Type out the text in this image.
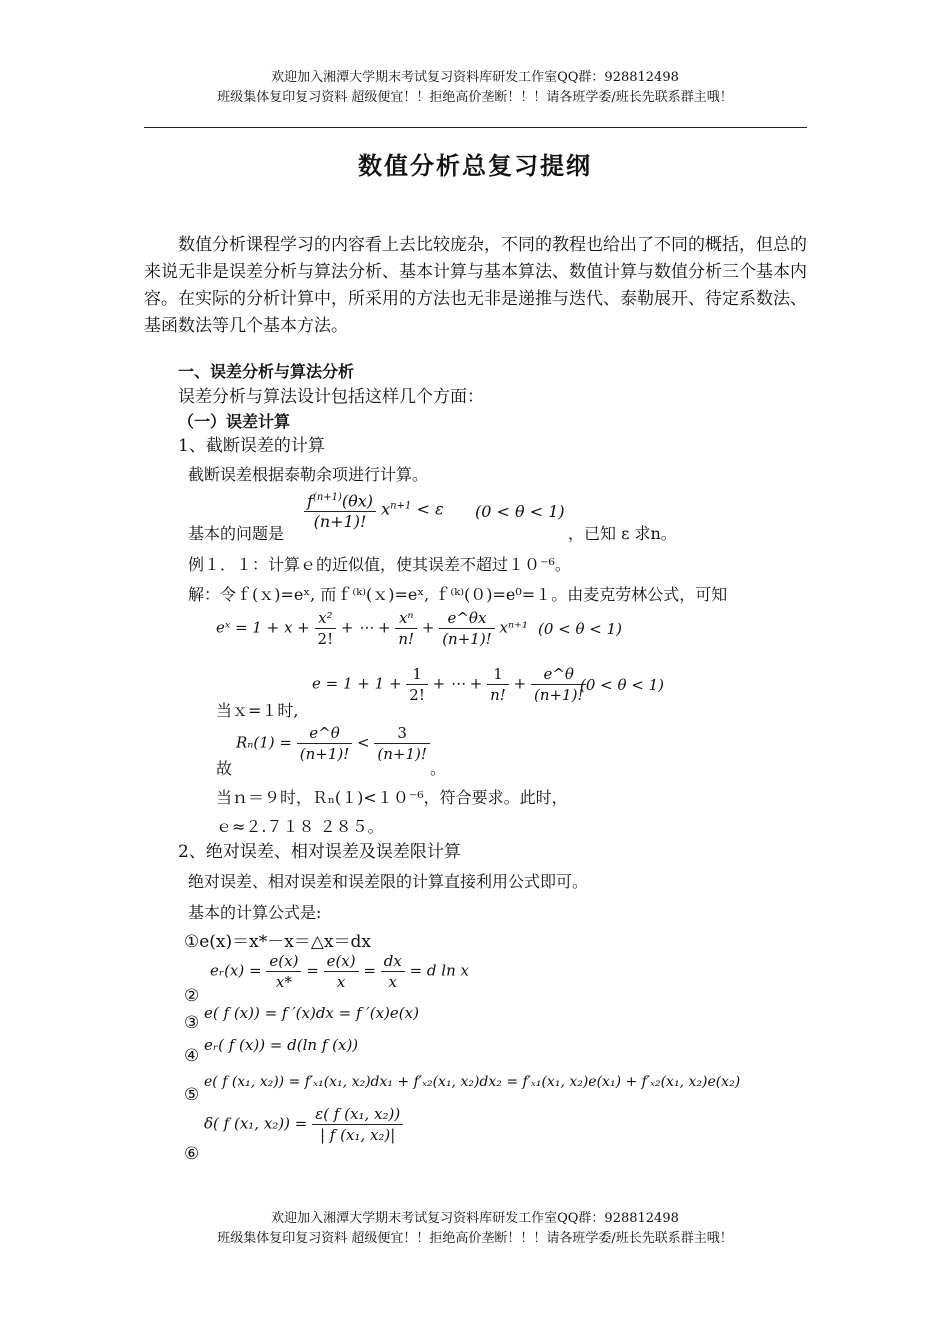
欢迎加入湘潭大学期末考试复习资料库研发工作室QQ群：928812498
班级集体复印复习资料 超级便宜！！拒绝高价垄断！！！请各班学委/班长先联系群主哦！
数值分析总复习提纲
数值分析课程学习的内容看上去比较庞杂，不同的教程也给出了不同的概括，但总的来说无非是误差分析与算法分析、基本计算与基本算法、数值计算与数值分析三个基本内容。在实际的分析计算中，所采用的方法也无非是递推与迭代、泰勒展开、待定系数法、基函数法等几个基本方法。
一、误差分析与算法分析
误差分析与算法设计包括这样几个方面：
（一）误差计算
1、截断误差的计算
截断误差根据泰勒余项进行计算。
基本的问题是
$\frac{f^{(n+1)}(\theta x)}{(n+1)!} x^{n+1} < \varepsilon$ (0 < θ < 1)
，已知 ε 求n。
例１．１：计算ｅ的近似值，使其误差不超过１０⁻⁶。
解：令ｆ(ｘ)=eˣ, 而ｆ⁽ᵏ⁾(ｘ)=eˣ, ｆ⁽ᵏ⁾(０)=e⁰=１。由麦克劳林公式，可知
eˣ = $1 + x + \frac{\text{x²}}{2!}$ + ⋯ + $\frac{\text{xⁿ}}{n!} + \frac{e\^{}\theta x}{(n+1)!} x^{n+1}$ (0 < θ < 1)
$e = 1 + 1 + \frac{1}{2!}$ + ⋯ + $\frac{1}{n!} + \frac{e\^{}\theta}{(n+1)!}$
(0 < θ < 1)
当ｘ=１时,
$R_n(1) = \frac{e\^{}\theta}{(n+1)!} < \frac{3}{(n+1)!}$
故	。
当ｎ＝９时，Ｒₙ(１)<１０⁻⁶，符合要求。此时，
ｅ≈２.７１８ ２８５。
2、绝对误差、相对误差及误差限计算
绝对误差、相对误差和误差限的计算直接利用公式即可。
基本的计算公式是:
①e(x)＝x*－x＝△x＝dx
②
eᵣ(x) = $\frac{e(x)}{x*} = \frac{e(x)}{x} = \frac{dx}{x} = d$ ln x
③ e( f (x)) = f ′(x)dx = f ′(x)e(x)
④
eᵣ( f (x)) = d(ln f (x))
⑤
e( f (x₁, x₂)) = f′ₓ₁(x₁, x₂)dx₁ + f′ₓ₂(x₁, x₂)dx₂ = f′ₓ₁(x₁, x₂)e(x₁) + f′ₓ₂(x₁, x₂)e(x₂)
⑥
δ( f (x₁, $x_2)) = \frac{\text{ε( f (x₁, x₂))}}{\text{| f (x₁, x₂)|}}$
欢迎加入湘潭大学期末考试复习资料库研发工作室QQ群：928812498
班级集体复印复习资料 超级便宜！！拒绝高价垄断！！！请各班学委/班长先联系群主哦！
